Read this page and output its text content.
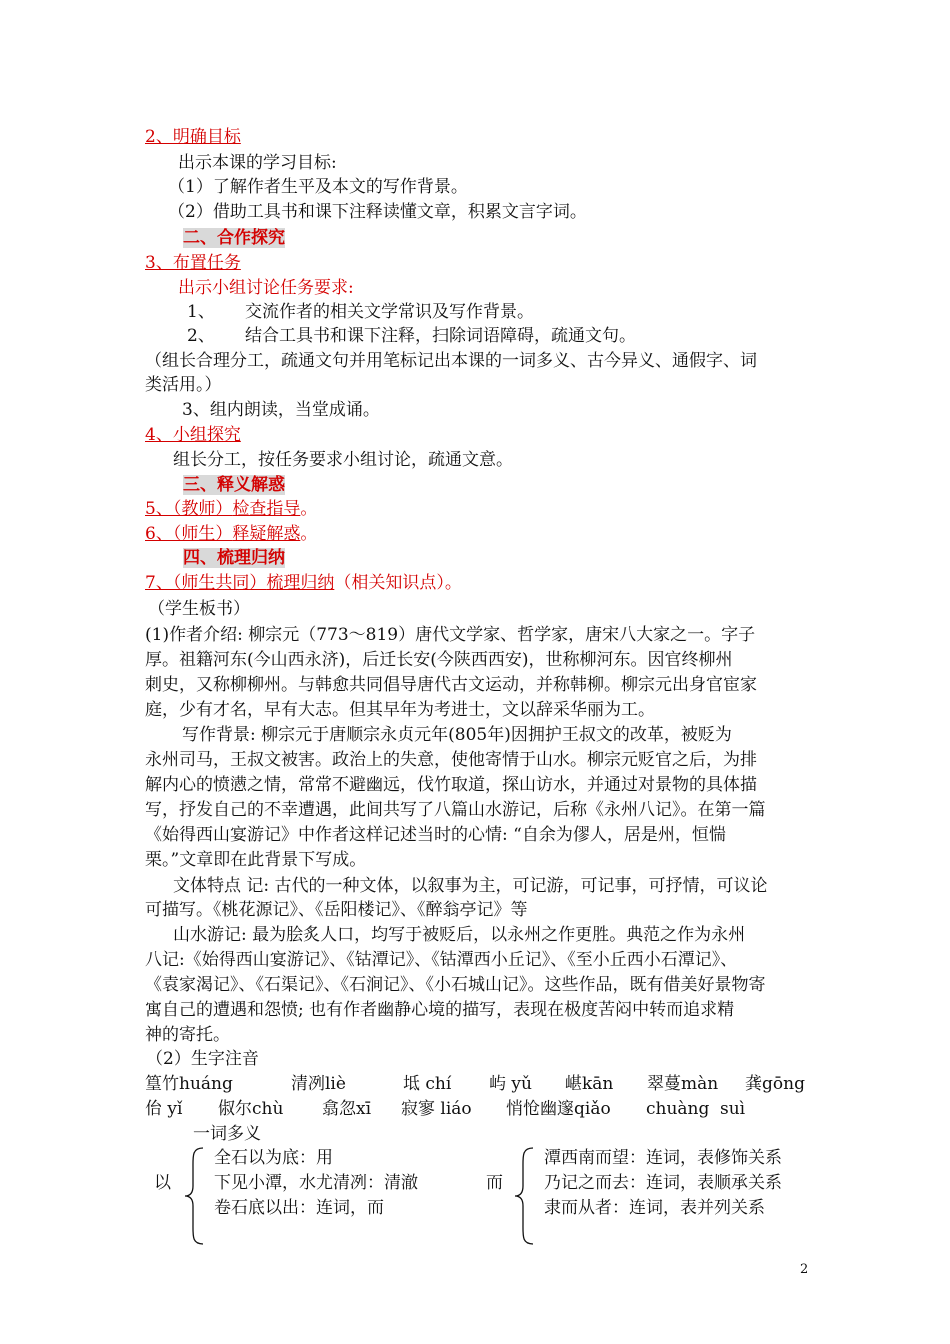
2、明确目标
出示本课的学习目标:
（1）了解作者生平及本文的写作背景。
（2）借助工具书和课下注释读懂文章，积累文言字词。
二、合作探究
3、布置任务
出示小组讨论任务要求:
1、 交流作者的相关文学常识及写作背景。
2、 结合工具书和课下注释，扫除词语障碍，疏通文句。
（组长合理分工，疏通文句并用笔标记出本课的一词多义、古今异义、通假字、词
类活用。）
3、组内朗读，当堂成诵。
4、小组探究
组长分工，按任务要求小组讨论，疏通文意。
三、释义解惑
5、（教师）检查指导。
6、（师生）释疑解惑。
四、梳理归纳
7、（师生共同）梳理归纳（相关知识点）。
（学生板书）
(1)作者介绍: 柳宗元（773～819）唐代文学家、哲学家，唐宋八大家之一。字子
厚。祖籍河东(今山西永济)，后迁长安(今陕西西安)，世称柳河东。因官终柳州
刺史，又称柳柳州。与韩愈共同倡导唐代古文运动，并称韩柳。柳宗元出身官宦家
庭，少有才名，早有大志。但其早年为考进士，文以辞采华丽为工。
写作背景: 柳宗元于唐顺宗永贞元年(805年)因拥护王叔文的改革，被贬为
永州司马，王叔文被害。政治上的失意，使他寄情于山水。柳宗元贬官之后，为排
解内心的愤懑之情，常常不避幽远，伐竹取道，探山访水，并通过对景物的具体描
写，抒发自己的不幸遭遇，此间共写了八篇山水游记，后称《永州八记》。在第一篇
《始得西山宴游记》中作者这样记述当时的心情: “自余为僇人，居是州，恒惴
栗。”文章即在此背景下写成。
文体特点 记: 古代的一种文体，以叙事为主，可记游，可记事，可抒情，可议论
可描写。《桃花源记》、《岳阳楼记》、《醉翁亭记》等
山水游记: 最为脍炙人口，均写于被贬后，以永州之作更胜。典范之作为永州
八记:《始得西山宴游记》、《钴潭记》、《钴潭西小丘记》、《至小丘西小石潭记》、
《袁家渴记》、《石渠记》、《石涧记》、《小石城山记》。这些作品，既有借美好景物寄
寓自己的遭遇和怨愤; 也有作者幽静心境的描写，表现在极度苦闷中转而追求精
神的寄托。
（2）生字注音
篁竹huáng	清冽liè	坻 chí 屿 yǔ 嵁kān 翠蔓màn 龚gōng
佁 yǐ 俶尔chù 翕忽xī 寂寥 liáo 悄怆幽邃qiǎo chuàng suì
一词多义
以
全石以为底：用
下见小潭，水尤清冽：清澈
卷石底以出：连词，而
而
潭西南而望：连词，表修饰关系
乃记之而去：连词，表顺承关系
隶而从者：连词，表并列关系
2
